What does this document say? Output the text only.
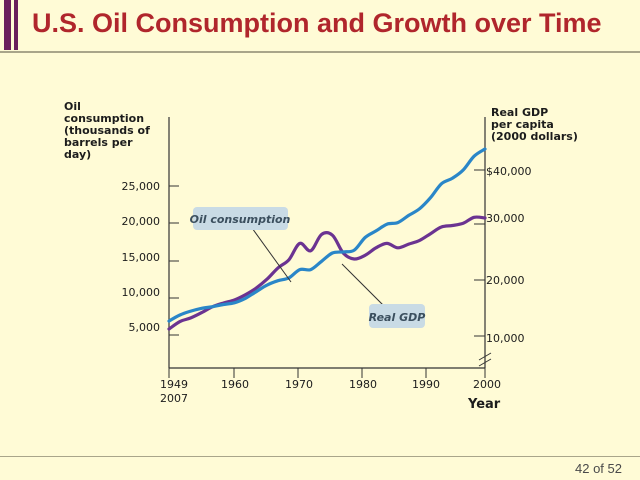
U.S. Oil Consumption and Growth over Time
Oil consumption (thousands of barrels per day)
Real GDP per capita (2000 dollars)
5,000
10,000
15,000
20,000
25,000
10,000
20,000
30,000
$40,000
1949	1960	1970	1980	1990	2000
2007	Year
Oil consumption
Real GDP
42 of 52
